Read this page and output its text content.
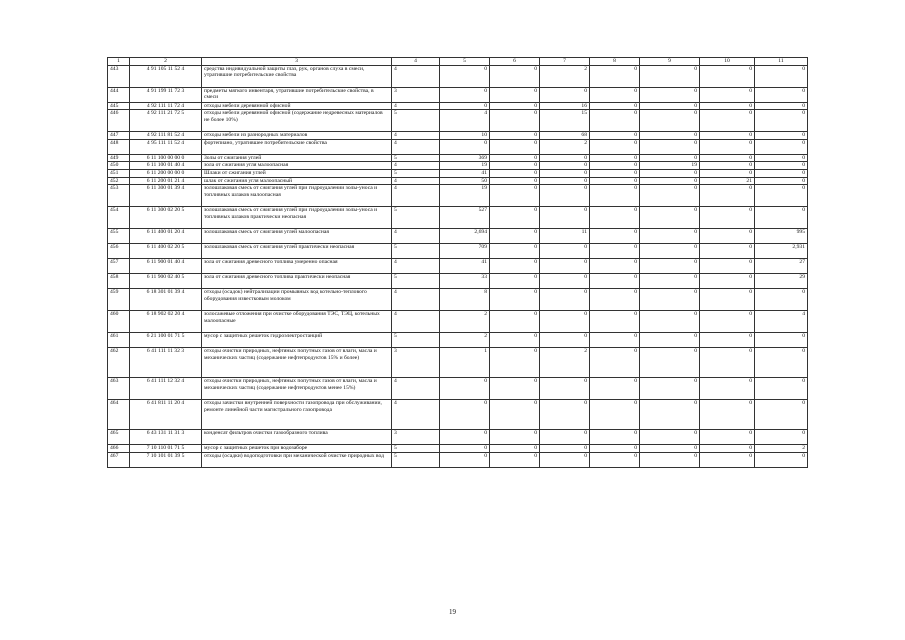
1	2	3	4	5	6	7	8	9	10	11
443	4 91 105 11 52 4	средства индивидуальной защиты глаз, рук, органов слуха в смеси, утратившие потребительские свойства	4	0	0	2	0	0	0	0
444	4 91 199 11 72 3	предметы мягкого инвентаря, утратившие потребительские свойства, в смеси	3	0	0	0	0	0	0	0
445	4 92 111 11 72 4	отходы мебели деревянной офисной	4	0	0	16	0	0	0	0
446	4 92 111 21 72 5	отходы мебели деревянной офисной (содержание недревесных материалов не более 10%)	5	4	0	15	0	0	0	0
447	4 92 111 81 52 4	отходы мебели из разнородных материалов	4	10	0	68	0	0	0	0
448	4 95 111 11 52 4	фортепиано, утратившее потребительские свойства	4	0	0	2	0	0	0	0
449	6 11 100 00 00 0	Золы от сжигания углей	5	369	0	0	0	0	0	0
450	6 11 100 01 40 4	зола от сжигания угля малоопасная	4	19	0	0	0	19	0	0
451	6 11 200 00 00 0	Шлаки от сжигания углей	5	41	0	0	0	0	0	0
452	6 11 200 01 21 4	шлак от сжигания угля малоопасный	4	50	0	0	0	0	21	0
453	6 11 300 01 39 4	золошлаковая смесь от сжигания углей при гидроудалении золы-уноса и топливных шлаков малоопасная	4	19	0	0	0	0	0	0
454	6 11 300 02 20 5	золошлаковая смесь от сжигания углей при гидроудалении золы-уноса и топливных шлаков практически неопасная	5	527	0	0	0	0	0	0
455	6 11 400 01 20 4	золошлаковая смесь от сжигания углей малоопасная	4	2,694	0	11	0	0	0	995
456	6 11 400 02 20 5	золошлаковая смесь от сжигания углей практически неопасная	5	709	0	0	0	0	0	2,931
457	6 11 900 01 40 4	зола от сжигания древесного топлива умеренно опасная	4	41	0	0	0	0	0	27
458	6 11 900 02 40 5	зола от сжигания древесного топлива практически неопасная	5	33	0	0	0	0	0	29
459	6 18 301 01 39 4	отходы (осадок) нейтрализации промывных вод котельно-теплового оборудования известковым молоком	4	8	0	0	0	0	0	0
460	6 18 902 02 20 4	золосажевые отложения при очистке оборудования ТЭС, ТЭЦ, котельных малоопасные	4	2	0	0	0	0	0	4
461	6 21 100 01 71 5	мусор с защитных решеток гидроэлектростанций	5	2	0	0	0	0	0	0
462	6 41 111 11 32 3	отходы очистки природных, нефтяных попутных газов от влаги, масла и механических частиц (содержание нефтепродуктов 15% и более)	3	1	0	2	0	0	0	0
463	6 41 111 12 32 4	отходы очистки природных, нефтяных попутных газов от влаги, масла и механических частиц (содержание нефтепродуктов менее 15%)	4	0	0	0	0	0	0	0
464	6 41 811 11 20 4	отходы зачистки внутренней поверхности газопровода при обслуживании, ремонте линейной части магистрального газопровода	4	0	0	0	0	0	0	0
465	6 43 131 11 31 3	конденсат фильтров очистки газообразного топлива	3	0	0	0	0	0	0	0
466	7 10 110 01 71 5	мусор с защитных решеток при водозаборе	5	0	0	0	0	0	0	2
467	7 10 101 01 39 5	отходы (осадки) водоподготовки при механической очистке природных вод	5	0	0	0	0	0	0	0
19
